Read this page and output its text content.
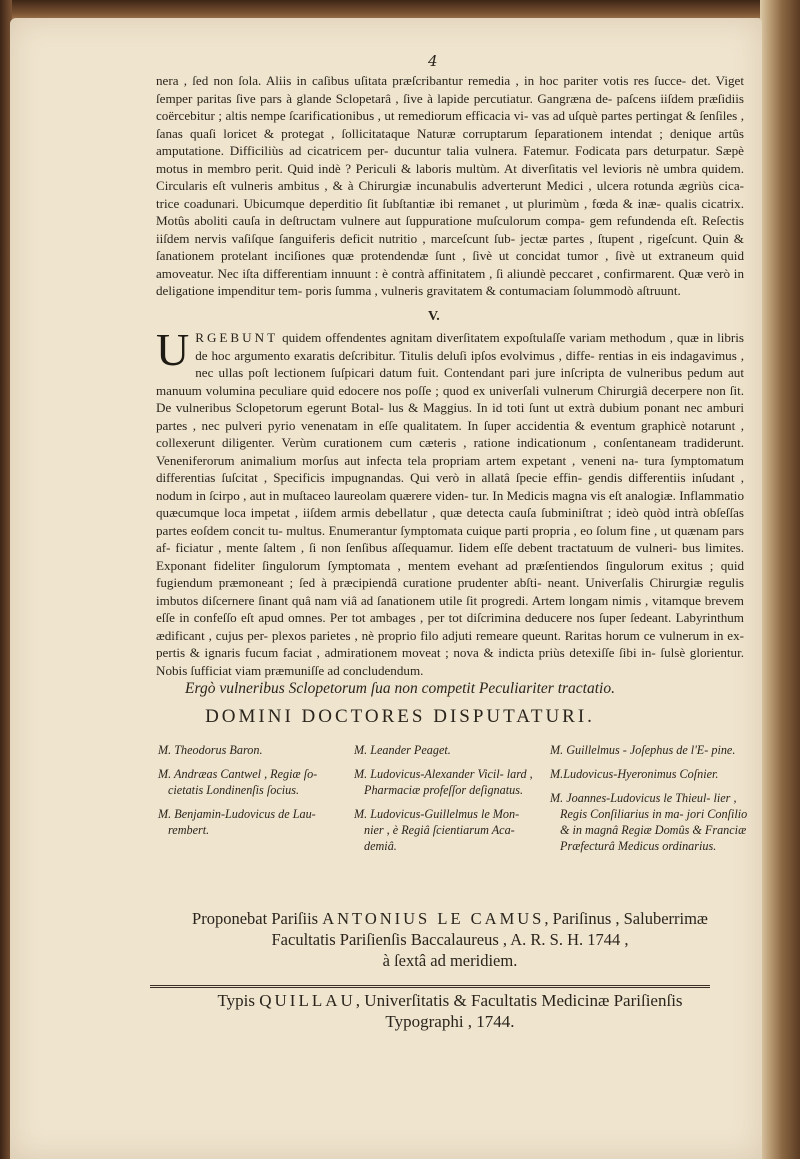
4
nera , ſed non ſola. Aliis in caſibus uſitata præſcribantur remedia , in hoc pariter votis res ſucce- det. Viget ſemper paritas ſive pars à glande Sclopetarâ , ſive à lapide percutiatur. Gangræna de- paſcens iiſdem præſidiis coërcebitur ; altis nempe ſcarificationibus , ut remediorum efficacia vi- vas ad uſquè partes pertingat & ſenſiles , ſanas quaſi loricet & protegat , ſollicitataque Naturæ corruptarum ſeparationem intendat ; denique artûs amputatione. Difficiliùs ad cicatricem per- ducuntur talia vulnera. Fatemur. Fodicata pars deturpatur. Sæpè motus in membro perit. Quid indè ? Periculi & laboris multùm. At diverſitatis vel levioris nè umbra quidem. Circularis eſt vulneris ambitus , & à Chirurgiæ incunabulis adverterunt Medici , ulcera rotunda ægriùs cica- trice coadunari. Ubicumque deperditio ſit ſubſtantiæ ibi remanet , ut plurimùm , fœda & inæ- qualis cicatrix. Motûs aboliti cauſa in deſtructam vulnere aut ſuppuratione muſculorum compa- gem refundenda eſt. Reſectis iiſdem nervis vaſiſque ſanguiferis deficit nutritio , marceſcunt ſub- jectæ partes , ſtupent , rigeſcunt. Quin & ſanationem protelant inciſiones quæ protendendæ ſunt , ſivè ut concidat tumor , ſivè ut extraneum quid amoveatur. Nec iſta differentiam innuunt : è contrà affinitatem , ſi aliundè peccaret , confirmarent. Quæ verò in deligatione impenditur tem- poris ſumma , vulneris gravitatem & contumaciam ſolummodò aſtruunt.
V.
URGEBUNT quidem offendentes agnitam diverſitatem expoſtulaſſe variam methodum , quæ in libris de hoc argumento exaratis deſcribitur. Titulis deluſi ipſos evolvimus , diffe- rentias in eis indagavimus , nec ullas poſt lectionem ſuſpicari datum fuit. Contendant pari jure inſcripta de vulneribus pedum aut manuum volumina peculiare quid edocere nos poſſe ; quod ex univerſali vulnerum Chirurgiâ decerpere non ſit. De vulneribus Sclopetorum egerunt Botal- lus & Maggius. In id toti ſunt ut extrà dubium ponant nec amburi partes , nec pulveri pyrio venenatam in eſſe qualitatem. In ſuper accidentia & eventum graphicè notarunt , collexerunt diligenter. Verùm curationem cum cæteris , ratione indicationum , conſentaneam tradiderunt. Veneniferorum animalium morſus aut infecta tela propriam artem expetant , veneni na- tura ſymptomatum differentias ſuſcitat , Specificis impugnandas. Qui verò in allatâ ſpecie effin- gendis differentiis inſudant , nodum in ſcirpo , aut in muſtaceo laureolam quærere viden- tur. In Medicis magna vis eſt analogiæ. Inflammatio quæcumque loca impetat , iiſdem armis debellatur , quæ detecta cauſa ſubminiſtrat ; ideò quòd intrà obſeſſas partes eoſdem concit tu- multus. Enumerantur ſymptomata cuique parti propria , eo ſolum fine , ut quænam pars af- ficiatur , mente ſaltem , ſi non ſenſibus aſſequamur. Iidem eſſe debent tractatuum de vulneri- bus limites. Exponant fideliter ſingulorum ſymptomata , mentem evehant ad præſentiendos ſingulorum exitus ; quid fugiendum præmoneant ; ſed à præcipiendâ curatione prudenter abſti- neant. Univerſalis Chirurgiæ regulis imbutos diſcernere ſinant quâ nam viâ ad ſanationem utile ſit progredi. Artem longam nimis , vitamque brevem eſſe in confeſſo eſt apud omnes. Per tot ambages , per tot diſcrimina deducere nos ſuper ſedeant. Labyrinthum ædificant , cujus per- plexos parietes , nè proprio filo adjuti remeare queunt. Raritas horum ce vulnerum in ex- pertis & ignaris fucum faciat , admirationem moveat ; nova & indicta priùs detexiſſe ſibi in- ſulsè glorientur. Nobis ſufficiat viam præmuniſſe ad concludendum.
Ergò vulneribus Sclopetorum ſua non competit Peculiariter tractatio.
DOMINI DOCTORES DISPUTATURI.
M. Theodorus Baron.
M. Andræas Cantwel , Regiæ ſo- cietatis Londinenſis ſocius.
M. Benjamin-Ludovicus de Lau- rembert.
M. Leander Peaget.
M. Ludovicus-Alexander Vicil- lard , Pharmaciæ profeſſor deſignatus.
M. Ludovicus-Guillelmus le Mon- nier , è Regiâ ſcientiarum Aca- demiâ.
M. Guillelmus - Joſephus de l'E- pine.
M.Ludovicus-Hyeronimus Coſnier.
M. Joannes-Ludovicus le Thieul- lier , Regis Conſiliarius in ma- jori Conſilio & in magnâ Regiæ Domûs & Franciæ Præfecturâ Medicus ordinarius.
Proponebat Pariſiis ANTONIUS LE CAMUS, Pariſinus , Saluberrimæ Facultatis Pariſienſis Baccalaureus , A. R. S. H. 1744 ,
à ſextâ ad meridiem.
Typis QUILLAU, Univerſitatis & Facultatis Medicinæ Pariſienſis
Typographi , 1744.
